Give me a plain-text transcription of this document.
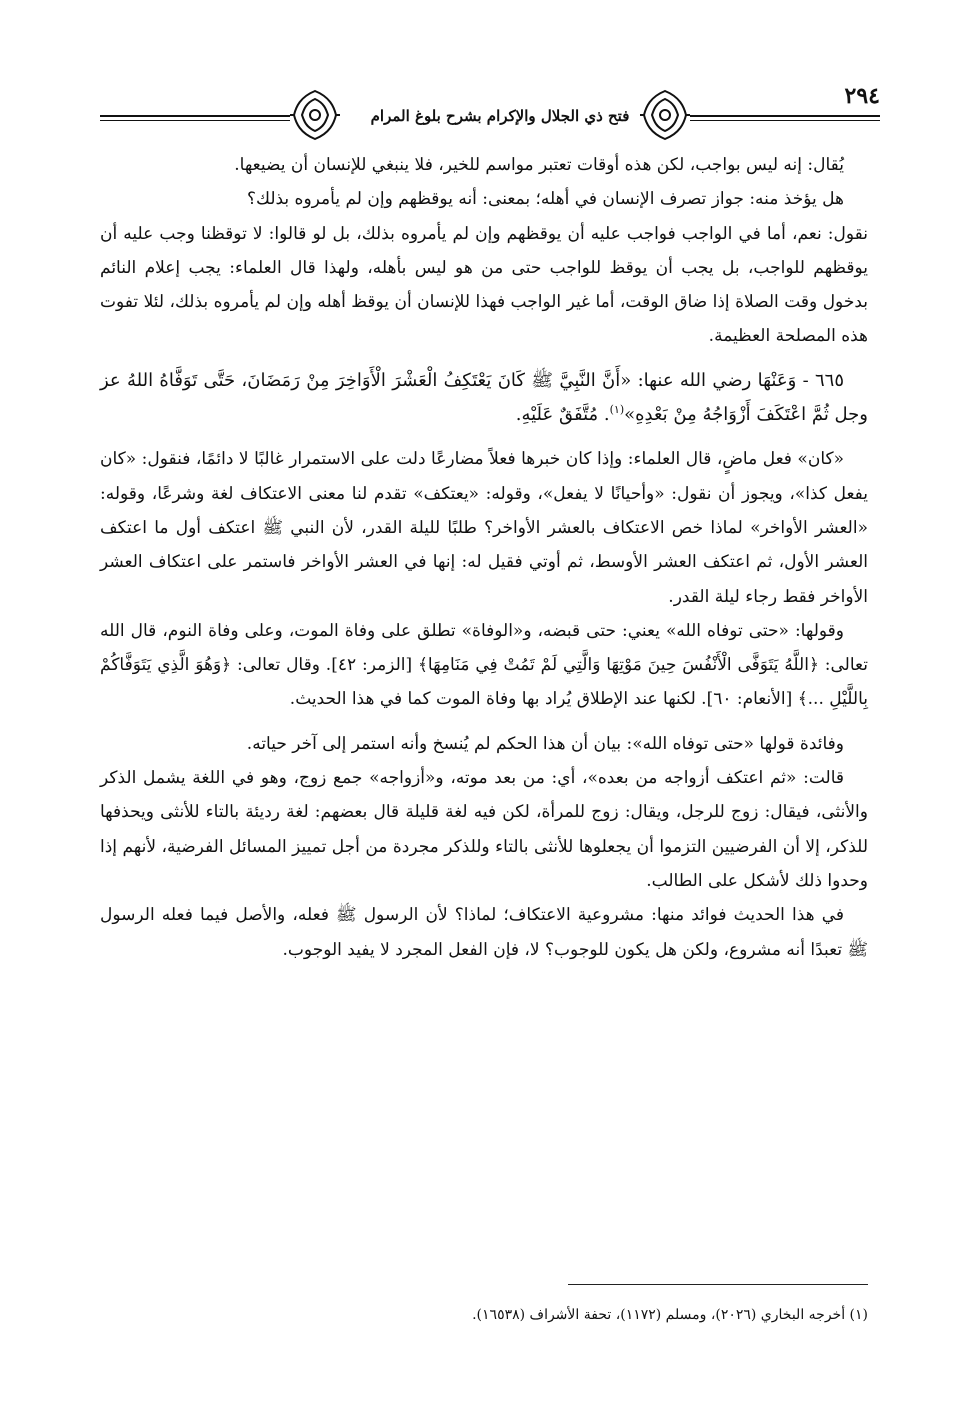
فتح ذي الجلال والإكرام بشرح بلوغ المرام
٢٩٤

يُقال: إنه ليس بواجب، لكن هذه أوقات تعتبر مواسم للخير، فلا ينبغي للإنسان أن يضيعها.

هل يؤخذ منه: جواز تصرف الإنسان في أهله؛ بمعنى: أنه يوقظهم وإن لم يأمروه بذلك؟

نقول: نعم، أما في الواجب فواجب عليه أن يوقظهم وإن لم يأمروه بذلك، بل لو قالوا: لا توقظنا وجب عليه أن يوقظهم للواجب، بل يجب أن يوقظ للواجب حتى من هو ليس بأهله، ولهذا قال العلماء: يجب إعلام النائم بدخول وقت الصلاة إذا ضاق الوقت، أما غير الواجب فهذا للإنسان أن يوقظ أهله وإن لم يأمروه بذلك، لئلا تفوت هذه المصلحة العظيمة.

٦٦٥ - وَعَنْهَا رضي الله عنها: «أَنَّ النَّبِيَّ ﷺ كَانَ يَعْتَكِفُ الْعَشْرَ الْأَوَاخِرَ مِنْ رَمَضَانَ، حَتَّى تَوَفَّاهُ اللهُ عز وجل ثُمَّ اعْتَكَفَ أَزْوَاجُهُ مِنْ بَعْدِهِ»$^{(١)}$. مُتَّفَقٌ عَلَيْهِ.

«كان» فعل ماضٍ، قال العلماء: وإذا كان خبرها فعلاً مضارعًا دلت على الاستمرار غالبًا لا دائمًا، فنقول: «كان يفعل كذا»، ويجوز أن نقول: «وأحيانًا لا يفعل»، وقوله: «يعتكف» تقدم لنا معنى الاعتكاف لغة وشرعًا، وقوله: «العشر الأواخر» لماذا خص الاعتكاف بالعشر الأواخر؟ طلبًا لليلة القدر، لأن النبي ﷺ اعتكف أول ما اعتكف العشر الأول، ثم اعتكف العشر الأوسط، ثم أوتي فقيل له: إنها في العشر الأواخر فاستمر على اعتكاف العشر الأواخر فقط رجاء ليلة القدر.

وقولها: «حتى توفاه الله» يعني: حتى قبضه، و«الوفاة» تطلق على وفاة الموت، وعلى وفاة النوم، قال الله تعالى: ﴿اللَّهُ يَتَوَفَّى الْأَنْفُسَ حِينَ مَوْتِهَا وَالَّتِي لَمْ تَمُتْ فِي مَنَامِهَا﴾ [الزمر: ٤٢]. وقال تعالى: ﴿وَهُوَ الَّذِي يَتَوَفَّاكُمْ بِاللَّيْلِ ...﴾ [الأنعام: ٦٠]. لكنها عند الإطلاق يُراد بها وفاة الموت كما في هذا الحديث.

وفائدة قولها «حتى توفاه الله»: بيان أن هذا الحكم لم يُنسخ وأنه استمر إلى آخر حياته.

قالت: «ثم اعتكف أزواجه من بعده»، أي: من بعد موته، و«أزواجه» جمع زوج، وهو في اللغة يشمل الذكر والأنثى، فيقال: زوج للرجل، ويقال: زوج للمرأة، لكن فيه لغة قليلة قال بعضهم: لغة رديئة بالتاء للأنثى ويحذفها للذكر، إلا أن الفرضيين التزموا أن يجعلوها للأنثى بالتاء وللذكر مجردة من أجل تمييز المسائل الفرضية، لأنهم إذا وحدوا ذلك لأشكل على الطالب.

في هذا الحديث فوائد منها: مشروعية الاعتكاف؛ لماذا؟ لأن الرسول ﷺ فعله، والأصل فيما فعله الرسول ﷺ تعبدًا أنه مشروع، ولكن هل يكون للوجوب؟ لا، فإن الفعل المجرد لا يفيد الوجوب.

(١) أخرجه البخاري (٢٠٢٦)، ومسلم (١١٧٢)، تحفة الأشراف (١٦٥٣٨).
